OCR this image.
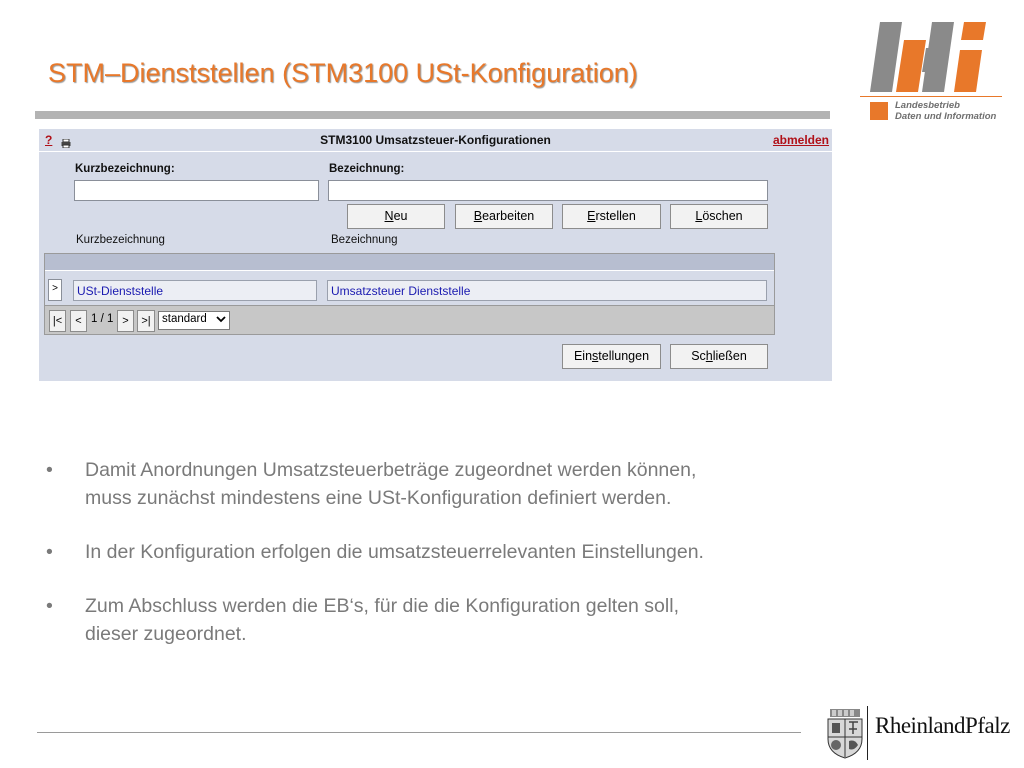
STM–Dienststellen (STM3100 USt-Konfiguration)
Landesbetrieb
Daten und Information
?	STM3100 Umsatzsteuer-Konfigurationen	abmelden
Kurzbezeichnung:	Bezeichnung:
Neu	Bearbeiten	Erstellen	Löschen
Kurzbezeichnung	Bezeichnung
>	USt-Dienststelle	Umsatzsteuer Dienststelle
|<	< 1 / 1 >	>| standard
Einstellungen	Schließen
• Damit Anordnungen Umsatzsteuerbeträge zugeordnet werden können,
muss zunächst mindestens eine USt-Konfiguration definiert werden.
• In der Konfiguration erfolgen die umsatzsteuerrelevanten Einstellungen.
• Zum Abschluss werden die EB‘s, für die die Konfiguration gelten soll,
dieser zugeordnet.
RheinlandPfalz
